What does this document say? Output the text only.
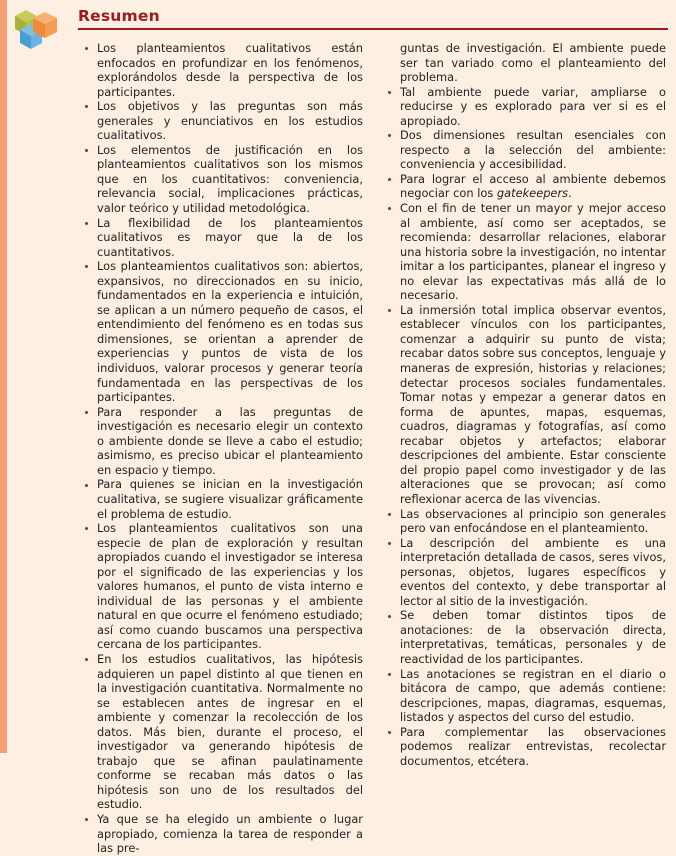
Resumen
Los planteamientos cualitativos están enfocados en profundizar en los fenómenos, explorándolos desde la perspectiva de los participantes.
Los objetivos y las preguntas son más generales y enunciativos en los estudios cualitativos.
Los elementos de justificación en los planteamientos cualitativos son los mismos que en los cuantitativos: conveniencia, relevancia social, implicaciones prácticas, valor teórico y utilidad metodológica.
La flexibilidad de los planteamientos cualitativos es mayor que la de los cuantitativos.
Los planteamientos cualitativos son: abiertos, expansivos, no direccionados en su inicio, fundamentados en la experiencia e intuición, se aplican a un número pequeño de casos, el entendimiento del fenómeno es en todas sus dimensiones, se orientan a aprender de experiencias y puntos de vista de los individuos, valorar procesos y generar teoría fundamentada en las perspectivas de los participantes.
Para responder a las preguntas de investigación es necesario elegir un contexto o ambiente donde se lleve a cabo el estudio; asimismo, es preciso ubicar el planteamiento en espacio y tiempo.
Para quienes se inician en la investigación cualitativa, se sugiere visualizar gráficamente el problema de estudio.
Los planteamientos cualitativos son una especie de plan de exploración y resultan apropiados cuando el investigador se interesa por el significado de las experiencias y los valores humanos, el punto de vista interno e individual de las personas y el ambiente natural en que ocurre el fenómeno estudiado; así como cuando buscamos una perspectiva cercana de los participantes.
En los estudios cualitativos, las hipótesis adquieren un papel distinto al que tienen en la investigación cuantitativa. Normalmente no se establecen antes de ingresar en el ambiente y comenzar la recolección de los datos. Más bien, durante el proceso, el investigador va generando hipótesis de trabajo que se afinan paulatinamente conforme se recaban más datos o las hipótesis son uno de los resultados del estudio.
Ya que se ha elegido un ambiente o lugar apropiado, comienza la tarea de responder a las pre-
guntas de investigación. El ambiente puede ser tan variado como el planteamiento del problema.
Tal ambiente puede variar, ampliarse o reducirse y es explorado para ver si es el apropiado.
Dos dimensiones resultan esenciales con respecto a la selección del ambiente: conveniencia y accesibilidad.
Para lograr el acceso al ambiente debemos negociar con los gatekeepers.
Con el fin de tener un mayor y mejor acceso al ambiente, así como ser aceptados, se recomienda: desarrollar relaciones, elaborar una historia sobre la investigación, no intentar imitar a los participantes, planear el ingreso y no elevar las expectativas más allá de lo necesario.
La inmersión total implica observar eventos, establecer vínculos con los participantes, comenzar a adquirir su punto de vista; recabar datos sobre sus conceptos, lenguaje y maneras de expresión, historias y relaciones; detectar procesos sociales fundamentales. Tomar notas y empezar a generar datos en forma de apuntes, mapas, esquemas, cuadros, diagramas y fotografías, así como recabar objetos y artefactos; elaborar descripciones del ambiente. Estar consciente del propio papel como investigador y de las alteraciones que se provocan; así como reflexionar acerca de las vivencias.
Las observaciones al principio son generales pero van enfocándose en el planteamiento.
La descripción del ambiente es una interpretación detallada de casos, seres vivos, personas, objetos, lugares específicos y eventos del contexto, y debe transportar al lector al sitio de la investigación.
Se deben tomar distintos tipos de anotaciones: de la observación directa, interpretativas, temáticas, personales y de reactividad de los participantes.
Las anotaciones se registran en el diario o bitácora de campo, que además contiene: descripciones, mapas, diagramas, esquemas, listados y aspectos del curso del estudio.
Para complementar las observaciones podemos realizar entrevistas, recolectar documentos, etcétera.
